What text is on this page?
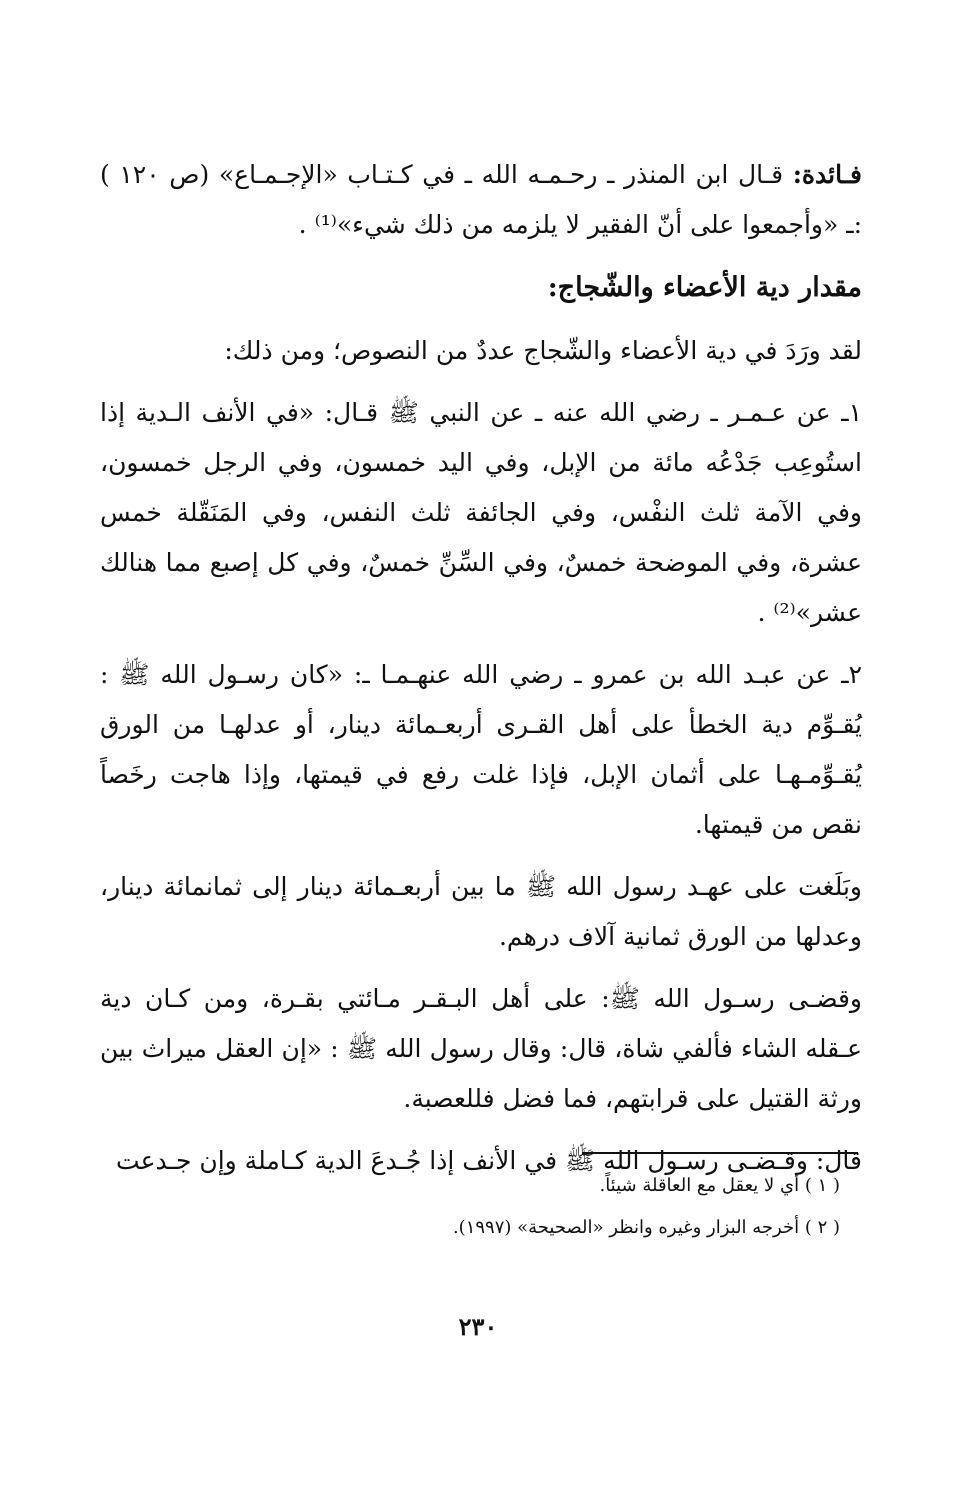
فـائدة: قـال ابن المنذر ـ رحـمـه الله ـ في كـتـاب «الإجـمـاع» (ص ١٢٠ ) :ـ «وأجمعوا على أنّ الفقير لا يلزمه من ذلك شيء»⁽¹⁾ .

مقدار دية الأعضاء والشّجاج:

لقد ورَدَ في دية الأعضاء والشّجاج عددٌ من النصوص؛ ومن ذلك:

١ـ عن عـمـر ـ رضي الله عنه ـ عن النبي ﷺ قـال: «في الأنف الـدية إذا استُوعِب جَدْعُه مائة من الإبل، وفي اليد خمسون، وفي الرجل خمسون، وفي الآمة ثلث النفْس، وفي الجائفة ثلث النفس، وفي المَنَقّلة خمس عشرة، وفي الموضحة خمسٌ، وفي السِّنِّ خمسٌ، وفي كل إصبع مما هنالك عشر»⁽²⁾ .

٢ـ عن عبـد الله بن عمرو ـ رضي الله عنهـمـا ـ: «كان رسـول الله ﷺ : يُقـوِّم دية الخطأ على أهل القـرى أربعـمائة دينار، أو عدلهـا من الورق يُقـوِّمـهـا على أثمان الإبل، فإذا غلت رفع في قيمتها، وإذا هاجت رخَصاً نقص من قيمتها.

وبَلَغت على عهـد رسول الله ﷺ ما بين أربعـمائة دينار إلى ثمانمائة دينار، وعدلها من الورق ثمانية آلاف درهم.

وقضـى رسـول الله ﷺ: على أهل البـقـر مـائتي بقـرة، ومن كـان دية عـقله الشاء فألفي شاة، قال: وقال رسول الله ﷺ : «إن العقل ميراث بين ورثة القتيل على قرابتهم، فما فضل فللعصبة.

قال: وقـضـى رسـول الله ﷺ في الأنف إذا جُـدعَ الدية كـاملة وإن جـدعت

( ١ ) أي لا يعقل مع العاقلة شيئاً.

( ٢ ) أخرجه البزار وغيره وانظر «الصحيحة» (١٩٩٧).

٢٣٠
